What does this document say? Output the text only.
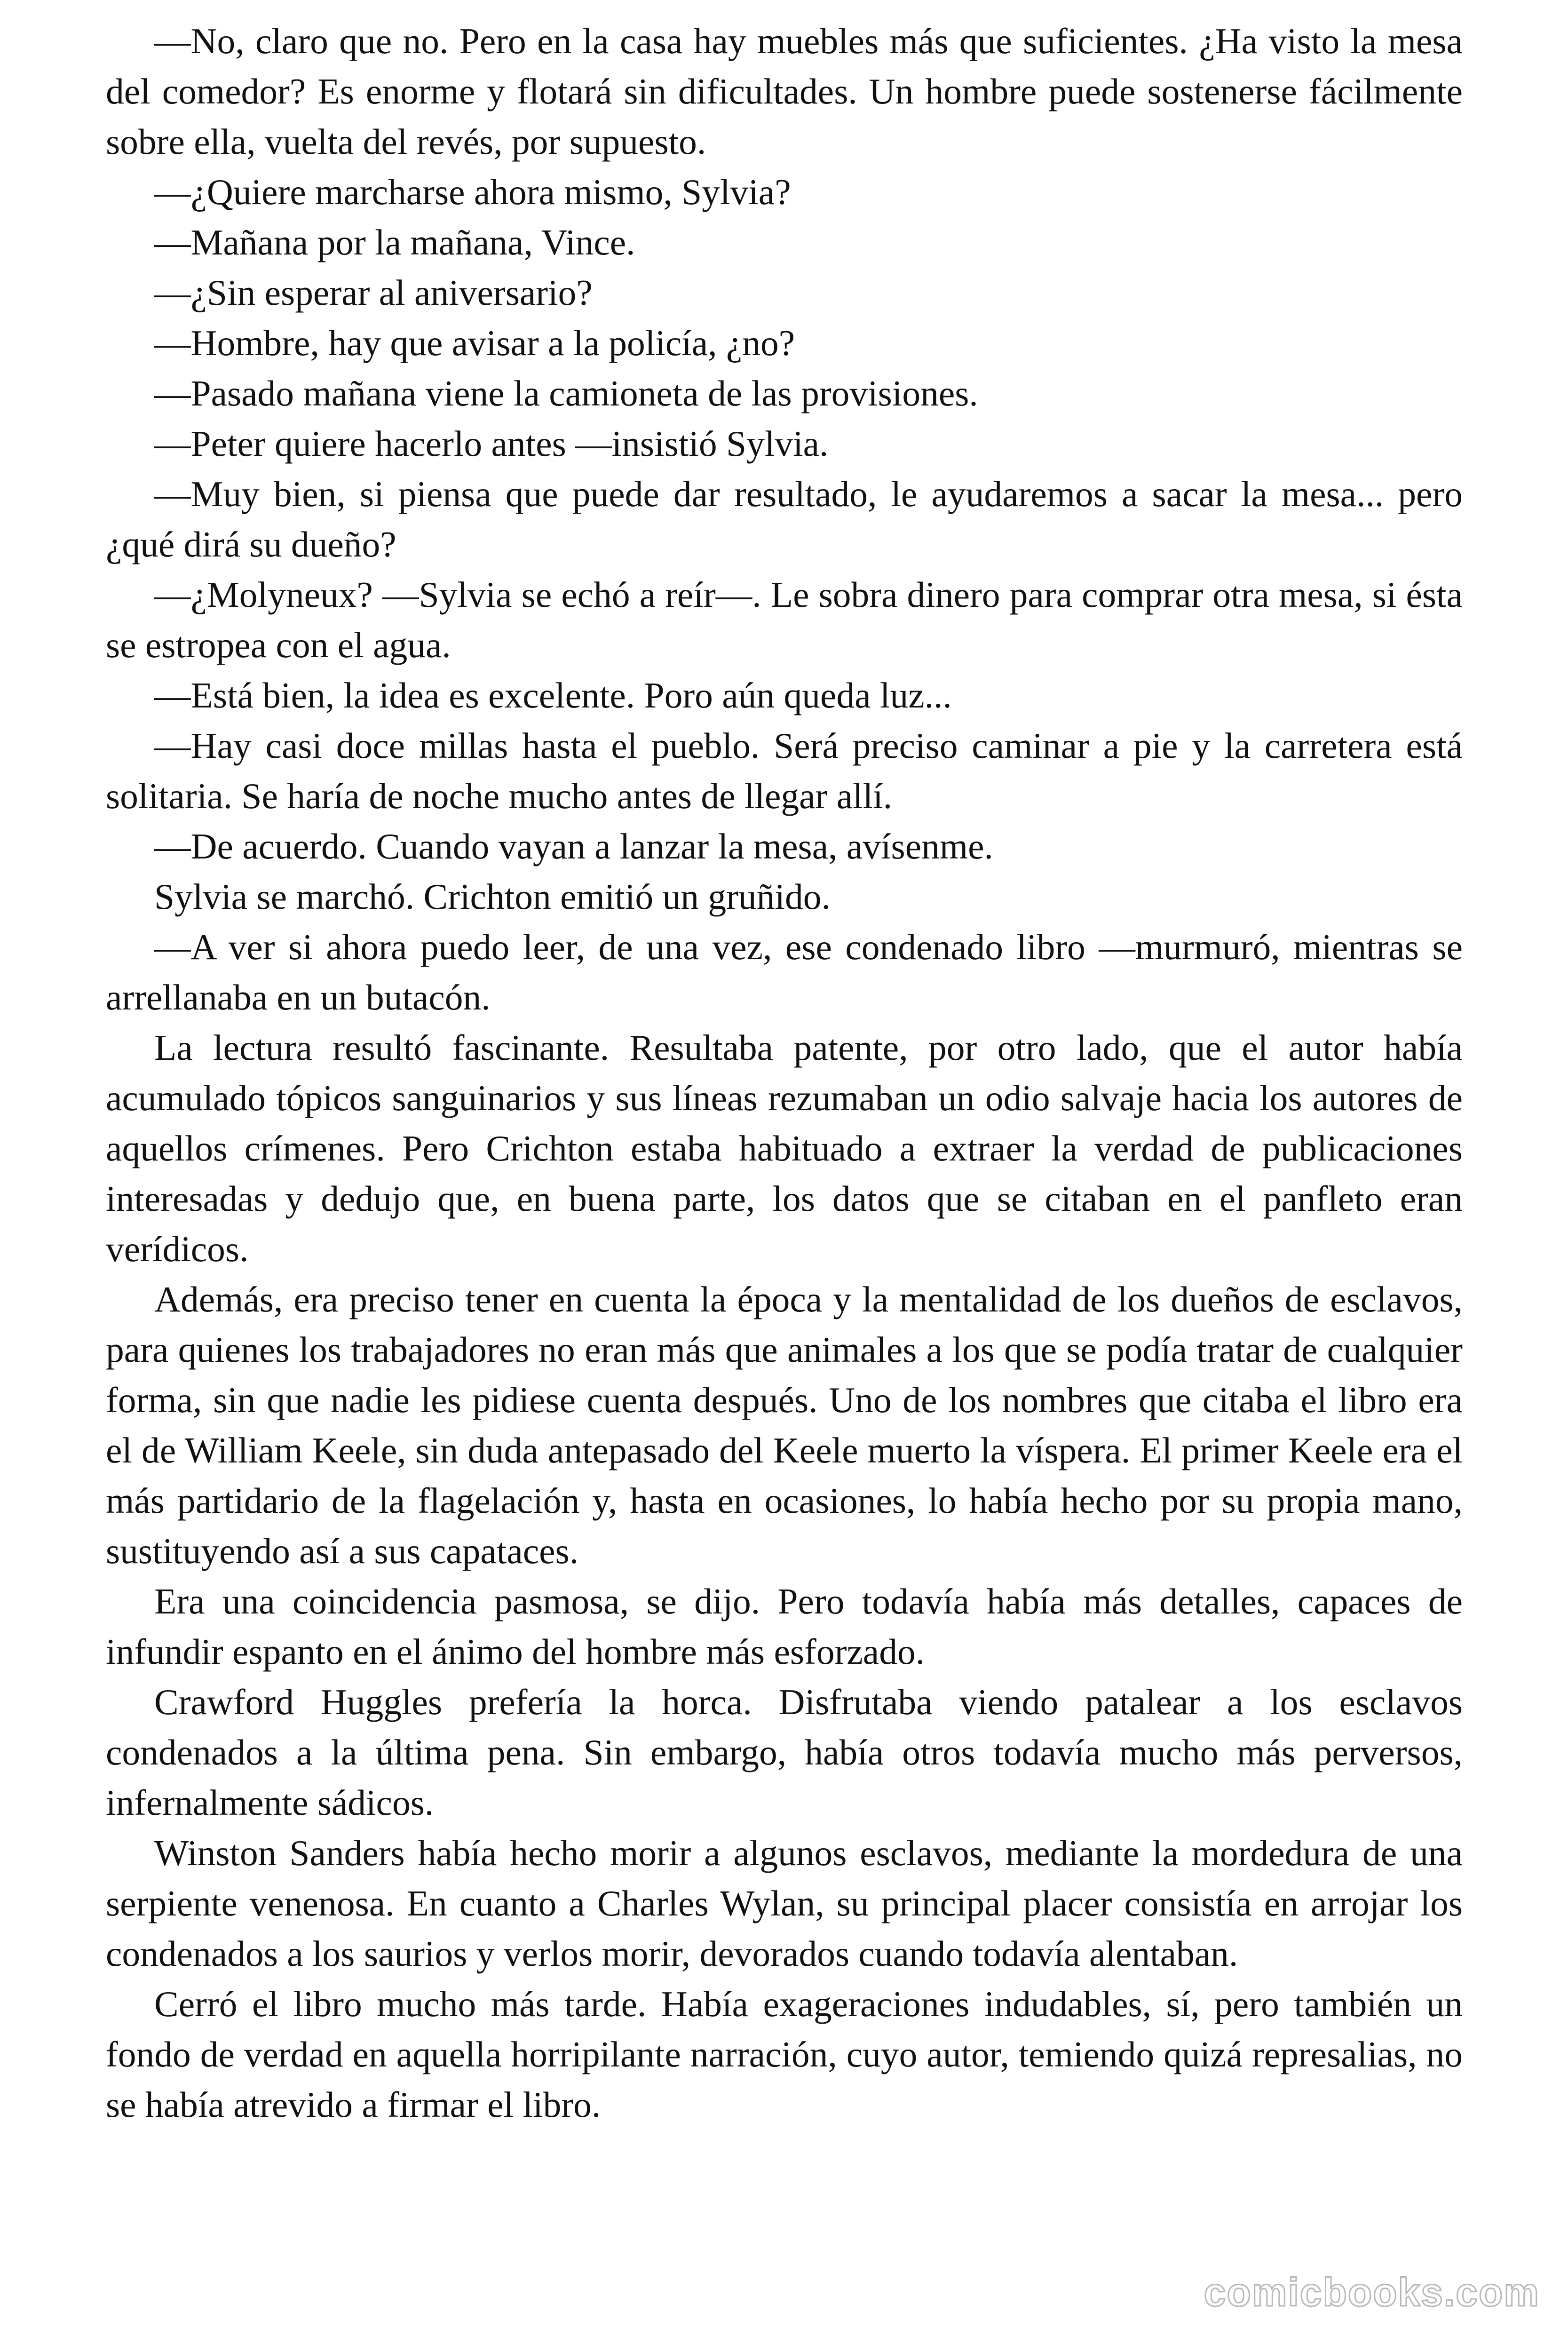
—No, claro que no. Pero en la casa hay muebles más que suficientes. ¿Ha visto la mesa del comedor? Es enorme y flotará sin dificultades. Un hombre puede sostenerse fácilmente sobre ella, vuelta del revés, por supuesto.

—¿Quiere marcharse ahora mismo, Sylvia?

—Mañana por la mañana, Vince.

—¿Sin esperar al aniversario?

—Hombre, hay que avisar a la policía, ¿no?

—Pasado mañana viene la camioneta de las provisiones.

—Peter quiere hacerlo antes —insistió Sylvia.

—Muy bien, si piensa que puede dar resultado, le ayudaremos a sacar la mesa... pero ¿qué dirá su dueño?

—¿Molyneux? —Sylvia se echó a reír—. Le sobra dinero para comprar otra mesa, si ésta se estropea con el agua.

—Está bien, la idea es excelente. Poro aún queda luz...

—Hay casi doce millas hasta el pueblo. Será preciso caminar a pie y la carretera está solitaria. Se haría de noche mucho antes de llegar allí.

—De acuerdo. Cuando vayan a lanzar la mesa, avísenme.

Sylvia se marchó. Crichton emitió un gruñido.

—A ver si ahora puedo leer, de una vez, ese condenado libro —murmuró, mientras se arrellanaba en un butacón.

La lectura resultó fascinante. Resultaba patente, por otro lado, que el autor había acumulado tópicos sanguinarios y sus líneas rezumaban un odio salvaje hacia los autores de aquellos crímenes. Pero Crichton estaba habituado a extraer la verdad de publicaciones interesadas y dedujo que, en buena parte, los datos que se citaban en el panfleto eran verídicos.

Además, era preciso tener en cuenta la época y la mentalidad de los dueños de esclavos, para quienes los trabajadores no eran más que animales a los que se podía tratar de cualquier forma, sin que nadie les pidiese cuenta después. Uno de los nombres que citaba el libro era el de William Keele, sin duda antepasado del Keele muerto la víspera. El primer Keele era el más partidario de la flagelación y, hasta en ocasiones, lo había hecho por su propia mano, sustituyendo así a sus capataces.

Era una coincidencia pasmosa, se dijo. Pero todavía había más detalles, capaces de infundir espanto en el ánimo del hombre más esforzado.

Crawford Huggles prefería la horca. Disfrutaba viendo patalear a los esclavos condenados a la última pena. Sin embargo, había otros todavía mucho más perversos, infernalmente sádicos.

Winston Sanders había hecho morir a algunos esclavos, mediante la mordedura de una serpiente venenosa. En cuanto a Charles Wylan, su principal placer consistía en arrojar los condenados a los saurios y verlos morir, devorados cuando todavía alentaban.

Cerró el libro mucho más tarde. Había exageraciones indudables, sí, pero también un fondo de verdad en aquella horripilante narración, cuyo autor, temiendo quizá represalias, no se había atrevido a firmar el libro.

comicbooks.com
